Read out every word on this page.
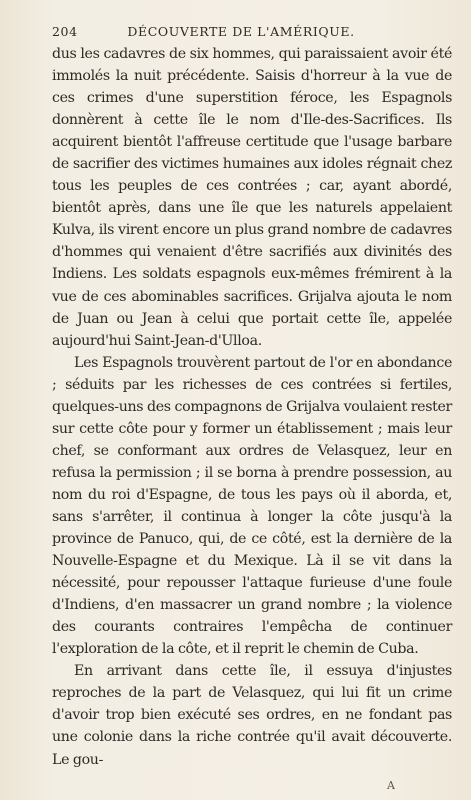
204	DÉCOUVERTE DE L'AMÉRIQUE.

dus les cadavres de six hommes, qui paraissaient avoir été immolés la nuit précédente. Saisis d'horreur à la vue de ces crimes d'une superstition féroce, les Espagnols donnèrent à cette île le nom d'Ile-des-Sacrifices. Ils acquirent bientôt l'affreuse certitude que l'usage barbare de sacrifier des victimes humaines aux idoles régnait chez tous les peuples de ces contrées ; car, ayant abordé, bientôt après, dans une île que les naturels appelaient Kulva, ils virent encore un plus grand nombre de cadavres d'hommes qui venaient d'être sacrifiés aux divinités des Indiens. Les soldats espagnols eux-mêmes frémirent à la vue de ces abominables sacrifices. Grijalva ajouta le nom de Juan ou Jean à celui que portait cette île, appelée aujourd'hui Saint-Jean-d'Ulloa.

Les Espagnols trouvèrent partout de l'or en abondance ; séduits par les richesses de ces contrées si fertiles, quelques-uns des compagnons de Grijalva voulaient rester sur cette côte pour y former un établissement ; mais leur chef, se conformant aux ordres de Velasquez, leur en refusa la permission ; il se borna à prendre possession, au nom du roi d'Espagne, de tous les pays où il aborda, et, sans s'arrêter, il continua à longer la côte jusqu'à la province de Panuco, qui, de ce côté, est la dernière de la Nouvelle-Espagne et du Mexique. Là il se vit dans la nécessité, pour repousser l'attaque furieuse d'une foule d'Indiens, d'en massacrer un grand nombre ; la violence des courants contraires l'empêcha de continuer l'exploration de la côte, et il reprit le chemin de Cuba.

En arrivant dans cette île, il essuya d'injustes reproches de la part de Velasquez, qui lui fit un crime d'avoir trop bien exécuté ses ordres, en ne fondant pas une colonie dans la riche contrée qu'il avait découverte. Le gou-

A
